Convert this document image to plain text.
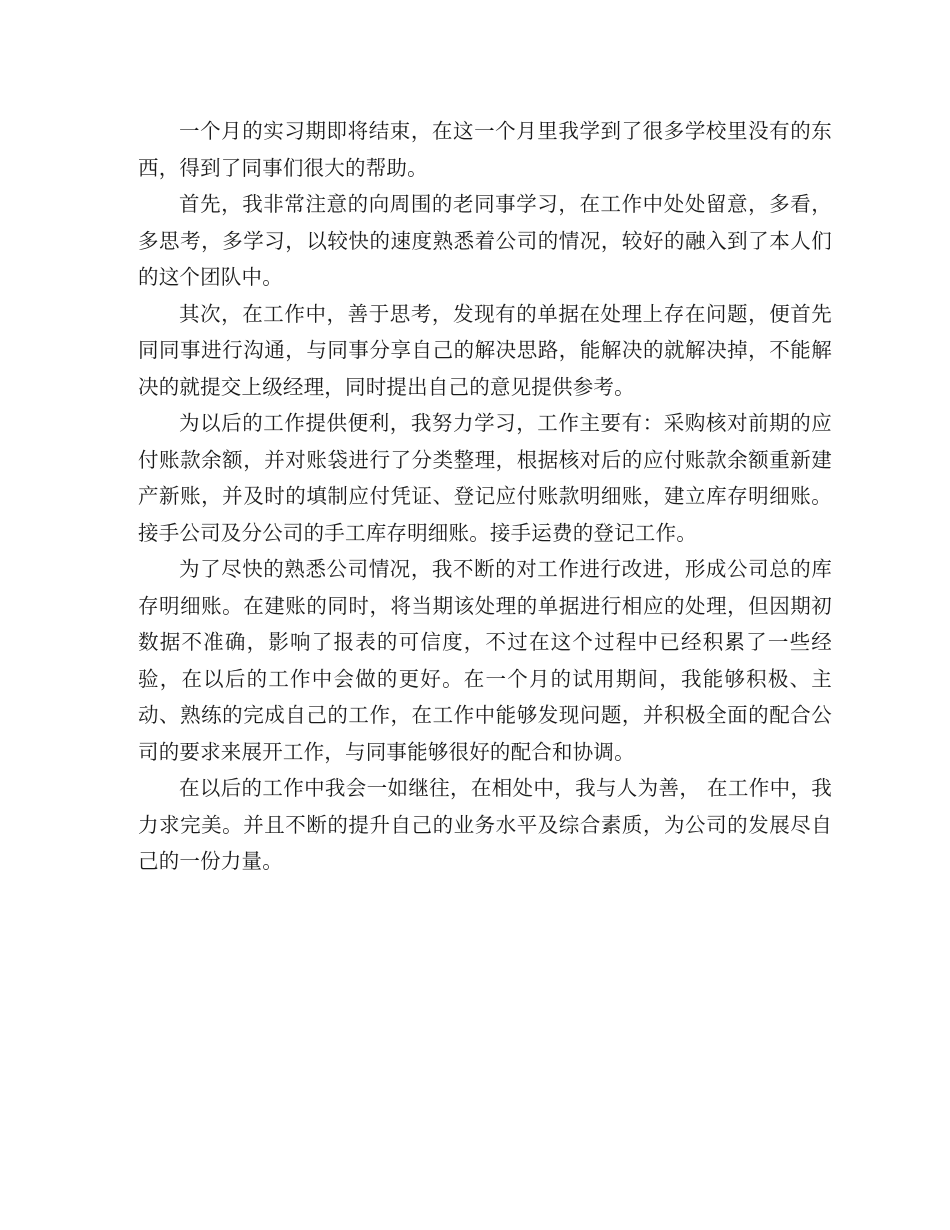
一个月的实习期即将结束，在这一个月里我学到了很多学校里没有的东西，得到了同事们很大的帮助。

首先，我非常注意的向周围的老同事学习，在工作中处处留意，多看，多思考，多学习，以较快的速度熟悉着公司的情况，较好的融入到了本人们的这个团队中。

其次，在工作中，善于思考，发现有的单据在处理上存在问题，便首先同同事进行沟通，与同事分享自己的解决思路，能解决的就解决掉，不能解决的就提交上级经理，同时提出自己的意见提供参考。

为以后的工作提供便利，我努力学习，工作主要有：采购核对前期的应付账款余额，并对账袋进行了分类整理，根据核对后的应付账款余额重新建产新账，并及时的填制应付凭证、登记应付账款明细账，建立库存明细账。接手公司及分公司的手工库存明细账。接手运费的登记工作。

为了尽快的熟悉公司情况，我不断的对工作进行改进，形成公司总的库存明细账。在建账的同时，将当期该处理的单据进行相应的处理，但因期初数据不准确，影响了报表的可信度，不过在这个过程中已经积累了一些经验，在以后的工作中会做的更好。在一个月的试用期间，我能够积极、主动、熟练的完成自己的工作，在工作中能够发现问题，并积极全面的配合公司的要求来展开工作，与同事能够很好的配合和协调。

在以后的工作中我会一如继往，在相处中，我与人为善， 在工作中，我力求完美。并且不断的提升自己的业务水平及综合素质，为公司的发展尽自己的一份力量。
